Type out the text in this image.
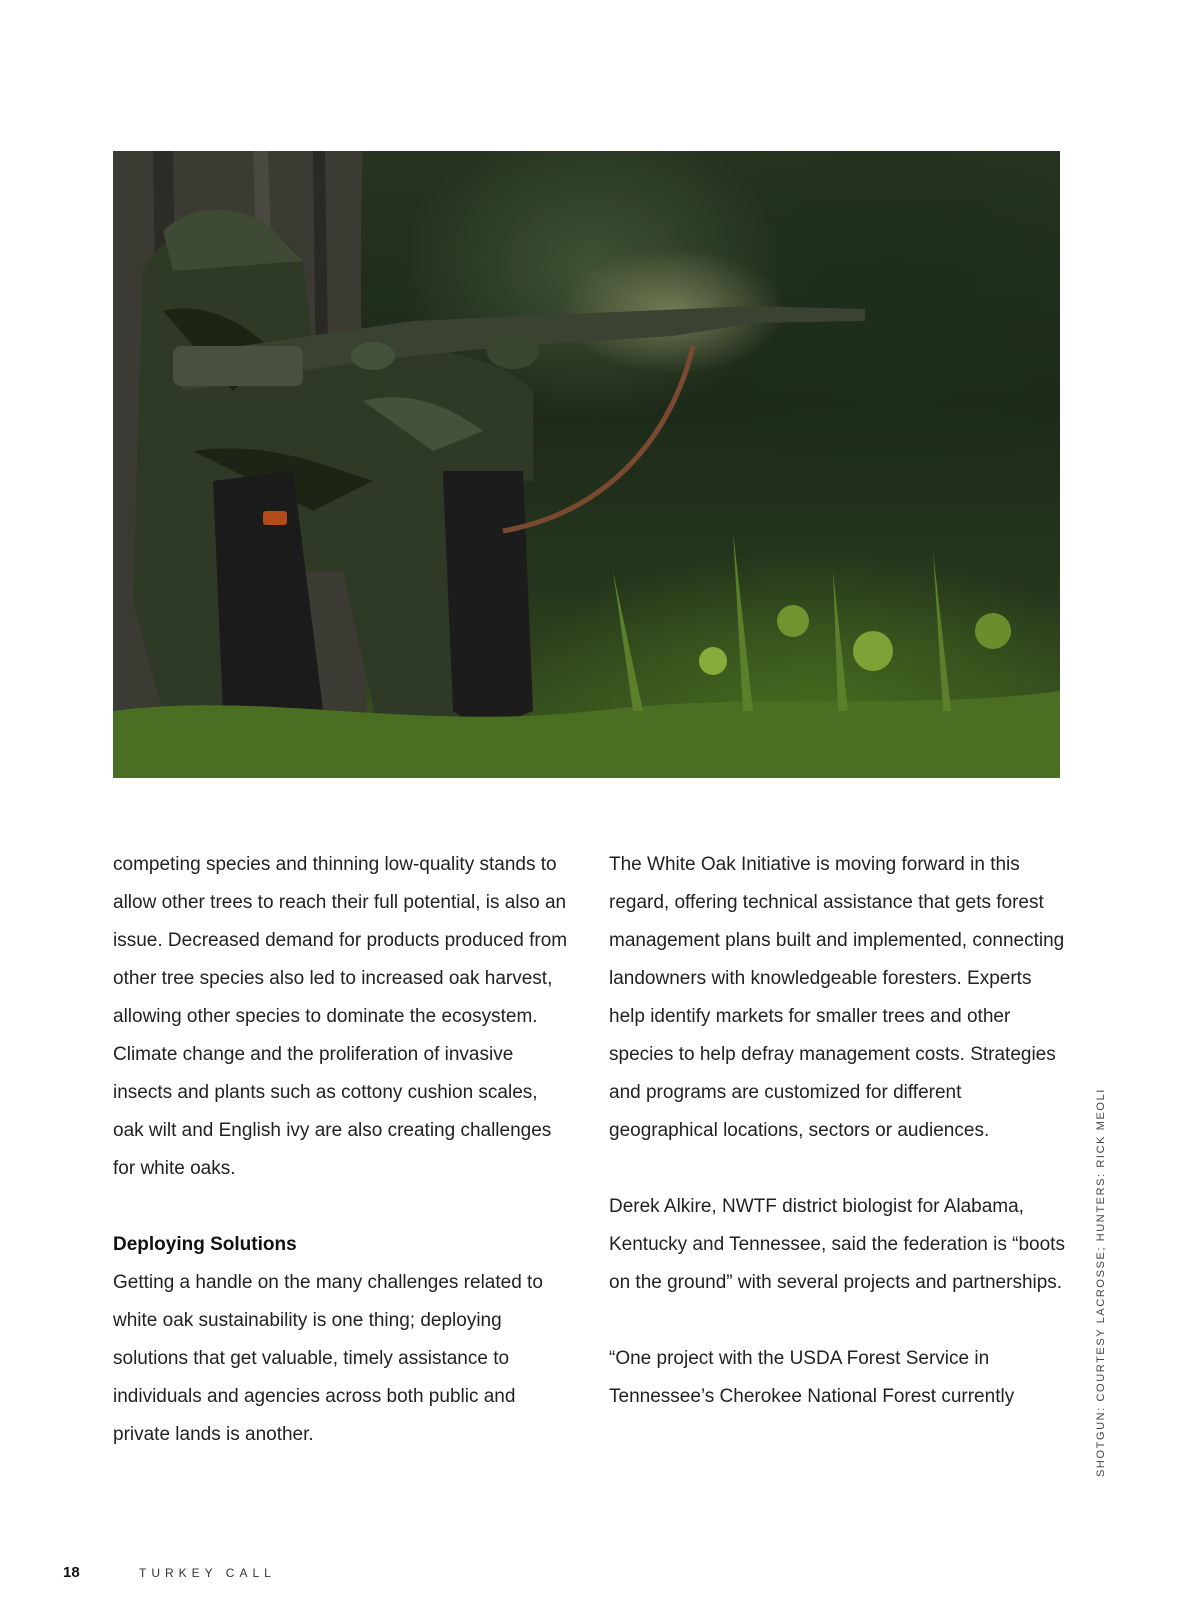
competing species and thinning low-quality stands to allow other trees to reach their full potential, is also an issue. Decreased demand for products produced from other tree species also led to increased oak harvest, allowing other species to dominate the ecosystem. Climate change and the proliferation of invasive insects and plants such as cottony cushion scales, oak wilt and English ivy are also creating challenges for white oaks.

Deploying Solutions

Getting a handle on the many challenges related to white oak sustainability is one thing; deploying solutions that get valuable, timely assistance to individuals and agencies across both public and private lands is another.

The White Oak Initiative is moving forward in this regard, offering technical assistance that gets forest management plans built and implemented, connecting landowners with knowledgeable foresters. Experts help identify markets for smaller trees and other species to help defray management costs. Strategies and programs are customized for different geographical locations, sectors or audiences.

Derek Alkire, NWTF district biologist for Alabama, Kentucky and Tennessee, said the federation is “boots on the ground” with several projects and partnerships.

“One project with the USDA Forest Service in Tennessee’s Cherokee National Forest currently	SHOTGUN: COURTESY LACROSSE; HUNTERS: RICK MEOLI
18	TURKEY CALL
